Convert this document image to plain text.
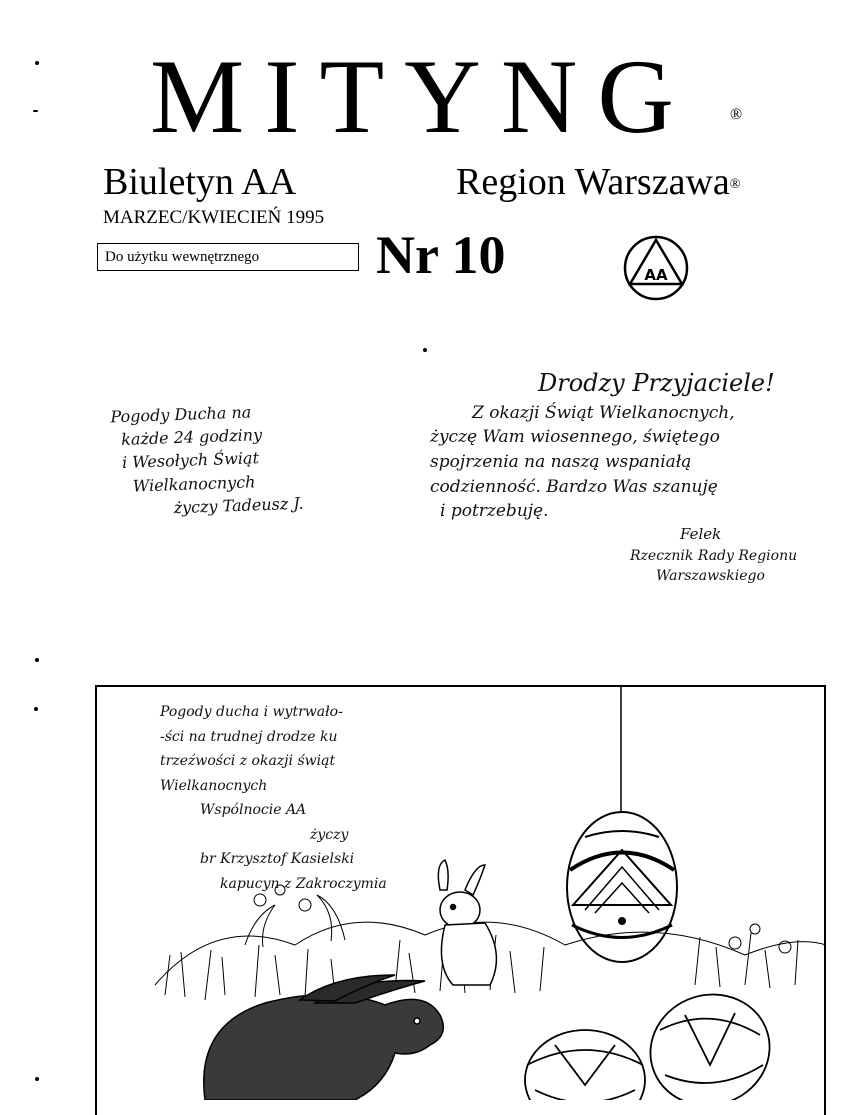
MITYNG ®
Biuletyn AA	Region Warszawa®
MARZEC/KWIECIEŃ 1995
Do użytku wewnętrznego	Nr 10	AA
Pogody Ducha na
każde 24 godziny
i Wesołych Świąt
Wielkanocnych
życzy Tadeusz J.
Drodzy Przyjaciele!
Z okazji Świąt Wielkanocnych,
życzę Wam wiosennego, świętego
spojrzenia na naszą wspaniałą
codzienność. Bardzo Was szanuję
i potrzebuję.
Felek
Rzecznik Rady Regionu
Warszawskiego
Pogody ducha i wytrwało-
-ści na trudnej drodze ku
trzeźwości z okazji świąt
Wielkanocnych
Wspólnocie AA
życzy
br Krzysztof Kasielski
kapucyn z Zakroczymia
